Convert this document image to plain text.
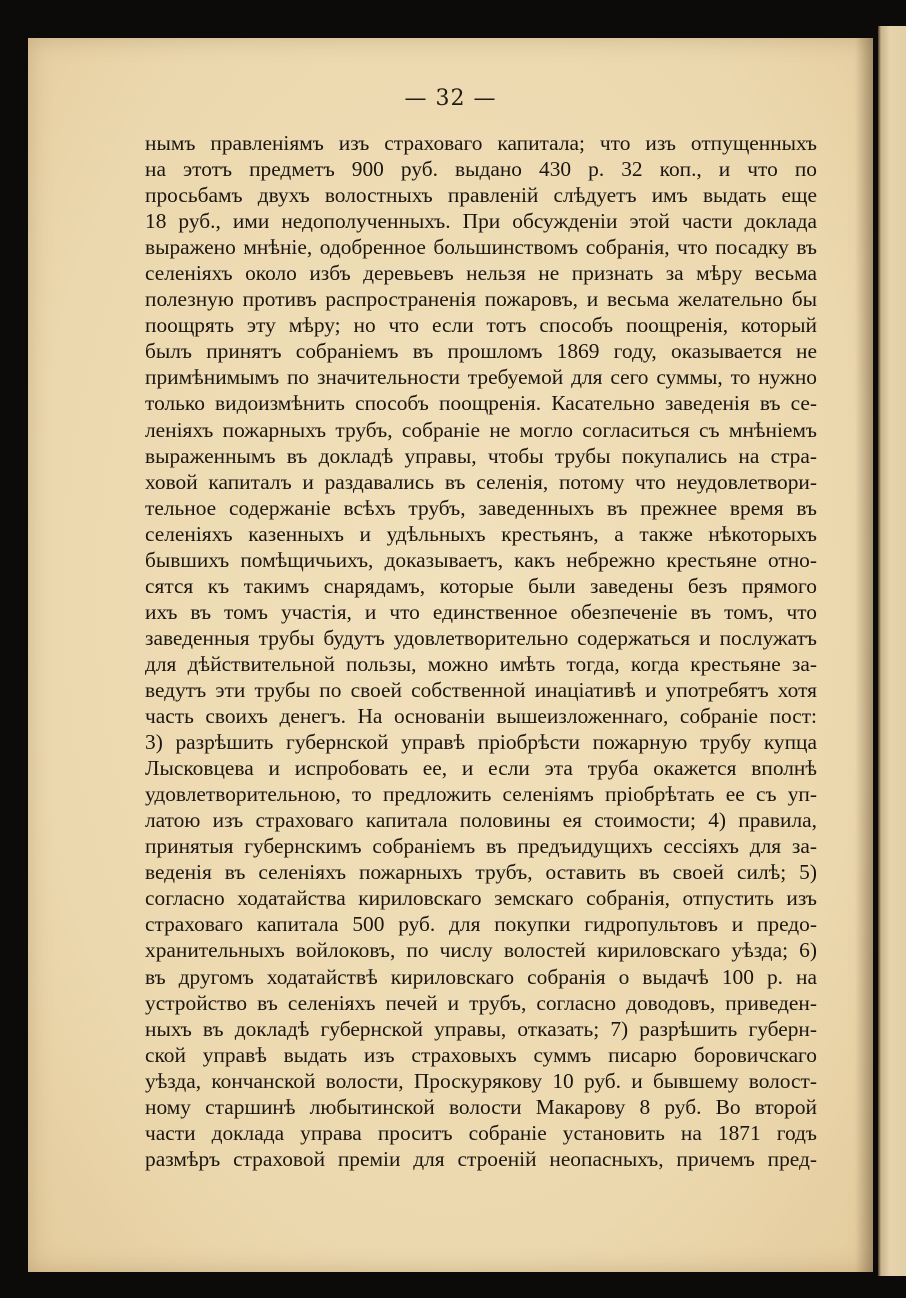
— 32 —
нымъ правленіямъ изъ страховаго капитала; что изъ отпущенныхъ
на этотъ предметъ 900 руб. выдано 430 р. 32 коп., и что по
просьбамъ двухъ волостныхъ правленій слѣдуетъ имъ выдать еще
18 руб., ими недополученныхъ. При обсужденіи этой части доклада
выражено мнѣніе, одобренное большинствомъ собранія, что посадку въ
селеніяхъ около избъ деревьевъ нельзя не признать за мѣру весьма
полезную противъ распространенія пожаровъ, и весьма желательно бы
поощрять эту мѣру; но что если тотъ способъ поощренія, который
былъ принятъ собраніемъ въ прошломъ 1869 году, оказывается не
примѣнимымъ по значительности требуемой для сего суммы, то нужно
только видоизмѣнить способъ поощренія. Касательно заведенія въ се-
леніяхъ пожарныхъ трубъ, собраніе не могло согласиться съ мнѣніемъ
выраженнымъ въ докладѣ управы, чтобы трубы покупались на стра-
ховой капиталъ и раздавались въ селенія, потому что неудовлетвори-
тельное содержаніе всѣхъ трубъ, заведенныхъ въ прежнее время въ
селеніяхъ казенныхъ и удѣльныхъ крестьянъ, а также нѣкоторыхъ
бывшихъ помѣщичьихъ, доказываетъ, какъ небрежно крестьяне отно-
сятся къ такимъ снарядамъ, которые были заведены безъ прямого
ихъ въ томъ участія, и что единственное обезпеченіе въ томъ, что
заведенныя трубы будутъ удовлетворительно содержаться и послужатъ
для дѣйствительной пользы, можно имѣть тогда, когда крестьяне за-
ведутъ эти трубы по своей собственной инаціативѣ и употребятъ хотя
часть своихъ денегъ. На основаніи вышеизложеннаго, собраніе пост:
3) разрѣшить губернской управѣ пріобрѣсти пожарную трубу купца
Лысковцева и испробовать ее, и если эта труба окажется вполнѣ
удовлетворительною, то предложить селеніямъ пріобрѣтать ее съ уп-
латою изъ страховаго капитала половины ея стоимости; 4) правила,
принятыя губернскимъ собраніемъ въ предъидущихъ сессіяхъ для за-
веденія въ селеніяхъ пожарныхъ трубъ, оставить въ своей силѣ; 5)
согласно ходатайства кириловскаго земскаго собранія, отпустить изъ
страховаго капитала 500 руб. для покупки гидропультовъ и предо-
хранительныхъ войлоковъ, по числу волостей кириловскаго уѣзда; 6)
въ другомъ ходатайствѣ кириловскаго собранія о выдачѣ 100 р. на
устройство въ селеніяхъ печей и трубъ, согласно доводовъ, приведен-
ныхъ въ докладѣ губернской управы, отказать; 7) разрѣшить губерн-
ской управѣ выдать изъ страховыхъ суммъ писарю боровичскаго
уѣзда, кончанской волости, Проскурякову 10 руб. и бывшему волост-
ному старшинѣ любытинской волости Макарову 8 руб. Во второй
части доклада управа проситъ собраніе установить на 1871 годъ
размѣръ страховой преміи для строеній неопасныхъ, причемъ пред-
